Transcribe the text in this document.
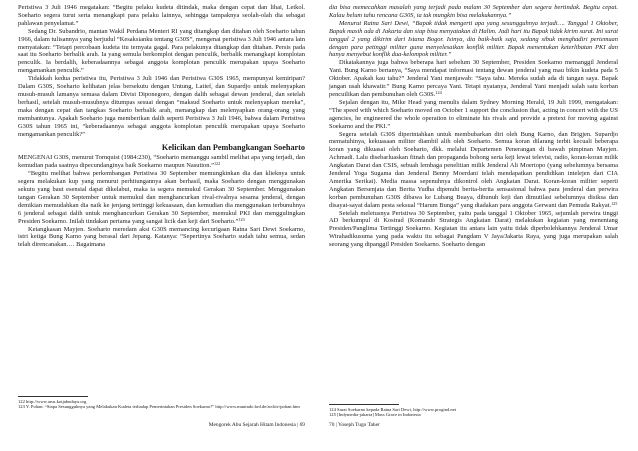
Peristiwa 3 Juli 1946 megatakan: “Begitu pelaku kudeta ditindak, maka dengan cepat dan lihai, Letkol. Soeharto segera turut serta menangkapi para pelaku lainnya, sehingga tampaknya seolah-olah dia sebagai pahlawan penyelamat.”

Sedang Dr. Subandrio, mantan Wakil Perdana Menteri RI yang ditangkap dan ditahan oleh Soeharto tahun 1966, dalam tulisannya yang berjudul “Kesaksianku tentang G30S”, mengenai peristiwa 3 Juli 1946 antara lain menyatakan: “Tetapi percobaan kudeta itu ternyata gagal. Para pelakunya ditangkap dan ditahan. Persis pada saat itu Soeharto berbalik arah. Ia yang semula berkomplot dengan penculik, berbalik menangkapi komplotan penculik. Ia berdalih, keberadaannya sebagai anggota komplotan penculik merupakan upaya Soeharto mengamankan penculik.”

Tidakkah kedua peristiwa itu, Peristiwa 3 Juli 1946 dan Peristiwa G30S 1965, mempunyai kemiripan? Dalam G30S, Soeharto kelihatan jelas bersekutu dengan Untung, Latief, dan Supardjo untuk melenyapkan musuh-musuh lamanya semasa dalam Divisi Diponegoro, dengan dalih sebagai dewan jenderal, dan setelah berhasil, setelah musuh-musuhnya ditumpas sesuai dengan “maksud Soeharto untuk melenyapkan mereka”, maka dengan cepat dan tangkas Soeharto berbalik arah, menangkap dan melenyapkan orang-orang yang membantunya. Apakah Soeharto juga memberikan dalih seperti Peristiwa 3 Juli 1946, bahwa dalam Peristiwa G30S tahun 1965 ini, “keberadaannya sebagai anggota komplotan penculik merupakan upaya Soeharto mengamankan penculik?”

Kelicikan dan Pembangkangan Soeharto

MENGENAI G30S, menurut Tornquist (1984:230), “Soeharto memanggu sambil melihat apa yang terjadi, dan kemudian pada saatnya dipecundanginya baik Soekarno maupun Nasution.”$^{122}$

“Begitu melihat bahwa perkembangan Peristiwa 30 September memungkinkan dia dan klieknya untuk segera melakukan kup yang menurut perhitungannya akan berhasil, maka Soeharto dengan menggunakan sekutu yang baut esensial dapat dikelabui, maka ia segera memukul Gerakan 30 September. Menggunakan tangan Gerakan 30 September untuk memukul dan menghancurkan rival-rivalnya sesama jenderal, dengan demikian memudahkan dia naik ke jenjang tertinggi kekuasaan, dan kemudian dia menggunakan terbunuhnya 6 jenderal sebagai dalih untuk menghancurkan Gerakan 30 September, memukul PKI dan menggulingkan Presiden Soekarno. Inilah tindakan pertama yang sangat licik dan keji dari Soeharto.”$^{123}$

Ketangkasan Mayjen. Soeharto meredam aksi G30S memancing kecurigaan Ratna Sari Dewi Soekarno, istri ketiga Bung Karno yang berasal dari Jepang. Katanya: “Sepertinya Soeharto sudah tahu semua, sedan telah direncanakan…. Bagaimana

122 http://www.arus.kotjabudaya.org
123 Y. Pohan: “Siapa Sesungguhnya yang Melakukan Kudeta terhadap Pemerintahan Presiden Soekarno?” http://www.munindo.brd.de/archiv/pohan.htm
Mengorek Abu Sejarah Hitam Indonesia | 69

dia bisa memecahkan masalah yang terjadi pada malam 30 September dan segera bertindak. Begitu cepat. Kalau belum tahu rencana G30S, ia tak mungkin bisa melakukannya.”

Menurut Ratna Sari Dewi, “Bapak tidak mengerti apa yang sesungguhnya terjadi…. Tanggal 1 Oktober, Bapak masih ada di Jakarta dan siap bisa menyatakan di Halim. Jadi hari itu Bapak tidak kirim surat. Ini surat tanggal 2 yang dikirim dari Istana Bogor. Isinya, dia baik-baik saja, sedang sibuk menghadiri pertemuan dengan para petinggi militer guna menyelesaikan konflik militer. Bapak menentukan keterlibatan PKI dan hanya menyebut konflik dua-kelompok militer.”

Dikatakannya juga bahwa beberapa hari sebelum 30 September, Presiden Soekarno memanggil Jenderal Yani. Bung Karno bertanya, “Saya mendapat informasi tentang dewan jenderal yang mau bikin kudeta pada 5 Oktober. Apakah kau tahu?” Jenderal Yani menjawab: “Saya tahu. Mereka sudah ada di tangan saya. Bapak jangan usah khawatir.” Bung Karno percaya Yani. Tetapi nyatanya, Jenderal Yani menjadi salah satu korban pencuilikan dan pembunuhan oleh G30S.$^{124}$

Sejalan dengan itu, Mike Head yang menulis dalam Sydney Morning Herald, 19 Juli 1999, mengatakan: “The speed with which Soeharto moved on October 1 support the conclusion that, acting in concert with the US agencies, he engineered the whole operation to eliminate his rivals and provide a pretext for moving against Soekarno and the PKI.”

Segera setelah G30S diperintahkan untuk membubarkan diri oleh Bung Karno, dan Brigjen. Supardjo mematuhinya, kekuasaan militer diambil alih oleh Soeharto. Semua koran dilarang terbit kecuali beberapa koran yang dikuasai oleh Soeharto, dkk. melalui Departemen Penerangan di bawah pimpinan Mayjen. Achmadi. Lalu disebarluaskan fitnah dan propaganda bohong serta keji lewat televisi, radio, koran-koran milik Angkatan Darat dan CSIS, sebuah lembaga penelitian milik Jenderal Ali Moertopo (yang sebelumnya bersama Jenderal Yoga Sugama dan Jenderal Benny Moerdani telah mendapatkan pendidikan intelejen dari CIA Amerika Serikat). Media massa sepenuhnya dikontrol oleh Angkatan Darat. Koran-koran militer seperti Angkatan Bersenjata dan Berita Yudha dipenuhi berita-berita sensasional bahwa para jenderal dan perwira korban pembunuhan G30S dibawa ke Lubang Buaya, dibunuh keji dan dimutilasi sebelumnya disiksa dan disayat-sayat dalam pesta seksual “Harum Bunga” yang diadakan para anggota Gerwani dan Pemuda Rakyat.$^{125}$

Setelah meletusnya Peristiwa 30 September, yaitu pada tanggal 1 Oktober 1965, sejumlah perwira tinggi AD berkumpul di Kostrad (Komando Strategis Angkatan Darat) melakukan kegiatan yang menentang Presiden/Panglima Tertinggi Soekarno. Kegiatan itu antara lain yaitu tidak diperbolehkannya Jenderal Umar Wirahadikusuma yang pada waktu itu sebagai Pangdam V Jaya/Jakarta Raya, yang juga merupakan salah seorang yang dipanggil Presiden Soekarno. Soeharto dengan

124 Surat Soekarno kepada Ratna Sari Dewi, http://www.progind.net
125 [Indymedia-jakarta] Mass Grave in Indonesia
70 | Yoseph Tugo Taher
